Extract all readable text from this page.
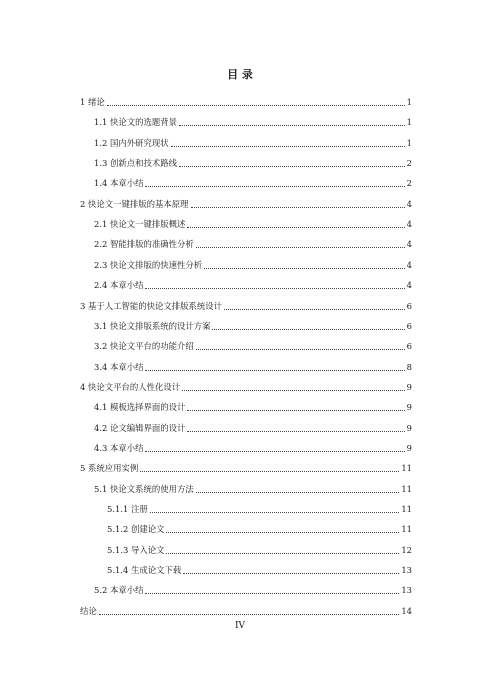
目 录
1 绪论	1
1.1 快论文的选题背景	1
1.2 国内外研究现状	1
1.3 创新点和技术路线	2
1.4 本章小结	2
2 快论文一键排版的基本原理	4
2.1 快论文一键排版概述	4
2.2 智能排版的准确性分析	4
2.3 快论文排版的快速性分析	4
2.4 本章小结	4
3 基于人工智能的快论文排版系统设计	6
3.1 快论文排版系统的设计方案	6
3.2 快论文平台的功能介绍	6
3.4 本章小结	8
4 快论文平台的人性化设计	9
4.1 模板选择界面的设计	9
4.2 论文编辑界面的设计	9
4.3 本章小结	9
5 系统应用实例	11
5.1 快论文系统的使用方法	11
5.1.1 注册	11
5.1.2 创建论文	11
5.1.3 导入论文	12
5.1.4 生成论文下载	13
5.2 本章小结	13
结论	14
IV
